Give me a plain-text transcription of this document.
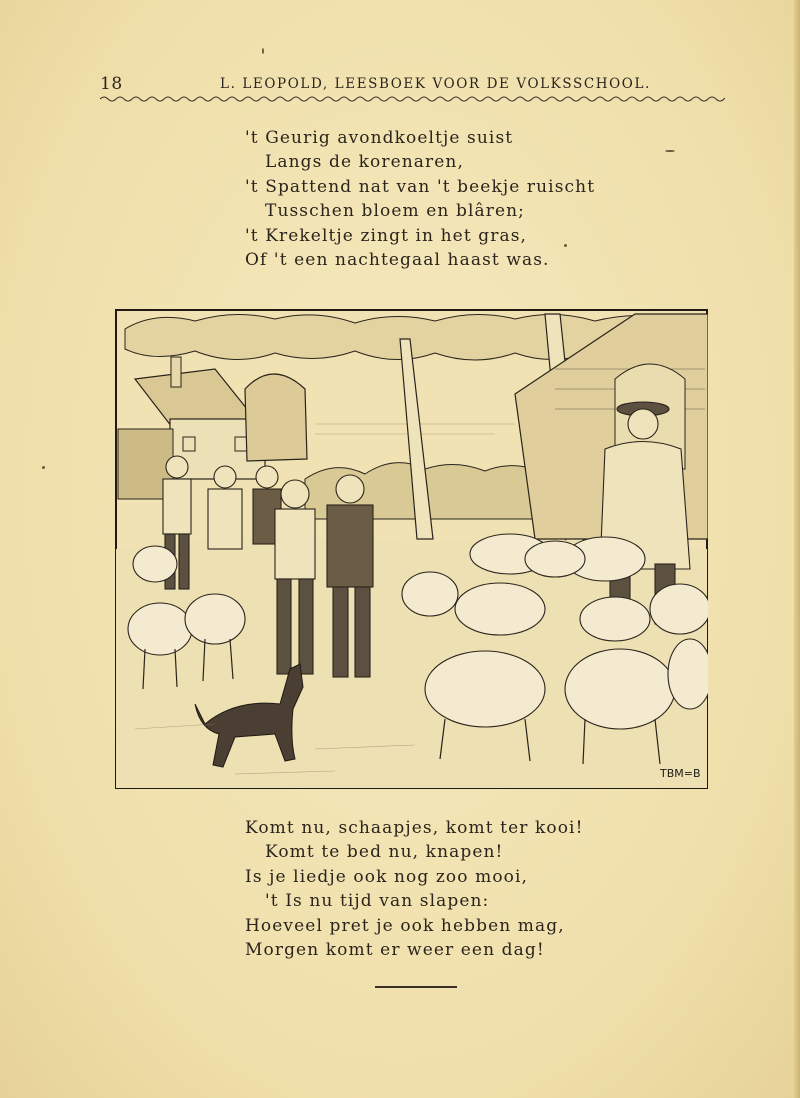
18	L. LEOPOLD, LEESBOEK VOOR DE VOLKSSCHOOL.
't Geurig avondkoeltje suist
Langs de korenaren,
't Spattend nat van 't beekje ruischt
Tusschen bloem en blâren;
't Krekeltje zingt in het gras,
Of 't een nachtegaal haast was.
TBM=B
Komt nu, schaapjes, komt ter kooi!
Komt te bed nu, knapen!
Is je liedje ook nog zoo mooi,
't Is nu tijd van slapen:
Hoeveel pret je ook hebben mag,
Morgen komt er weer een dag!
